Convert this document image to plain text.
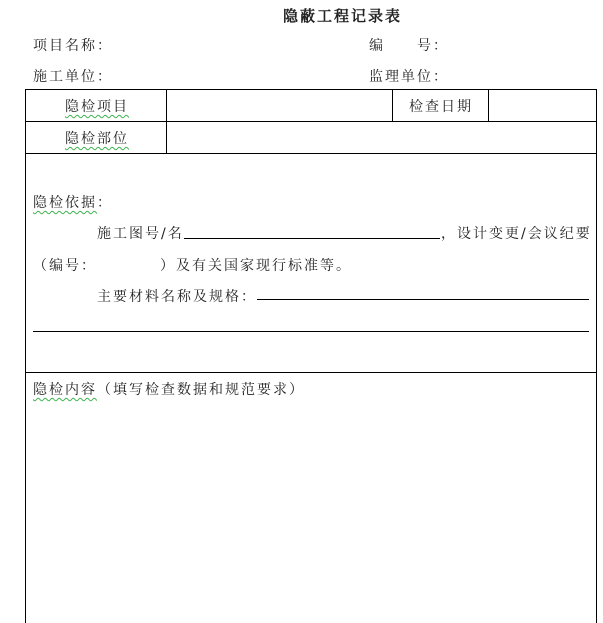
隐蔽工程记录表
项目名称：	编　　号：
施工单位：	监理单位：
隐检项目	检查日期
隐检部位
隐检依据：
施工图号/名	，设计变更/会议纪要
（编号：	）及有关国家现行标准等。
主要材料名称及规格：
隐检内容（填写检查数据和规范要求）
